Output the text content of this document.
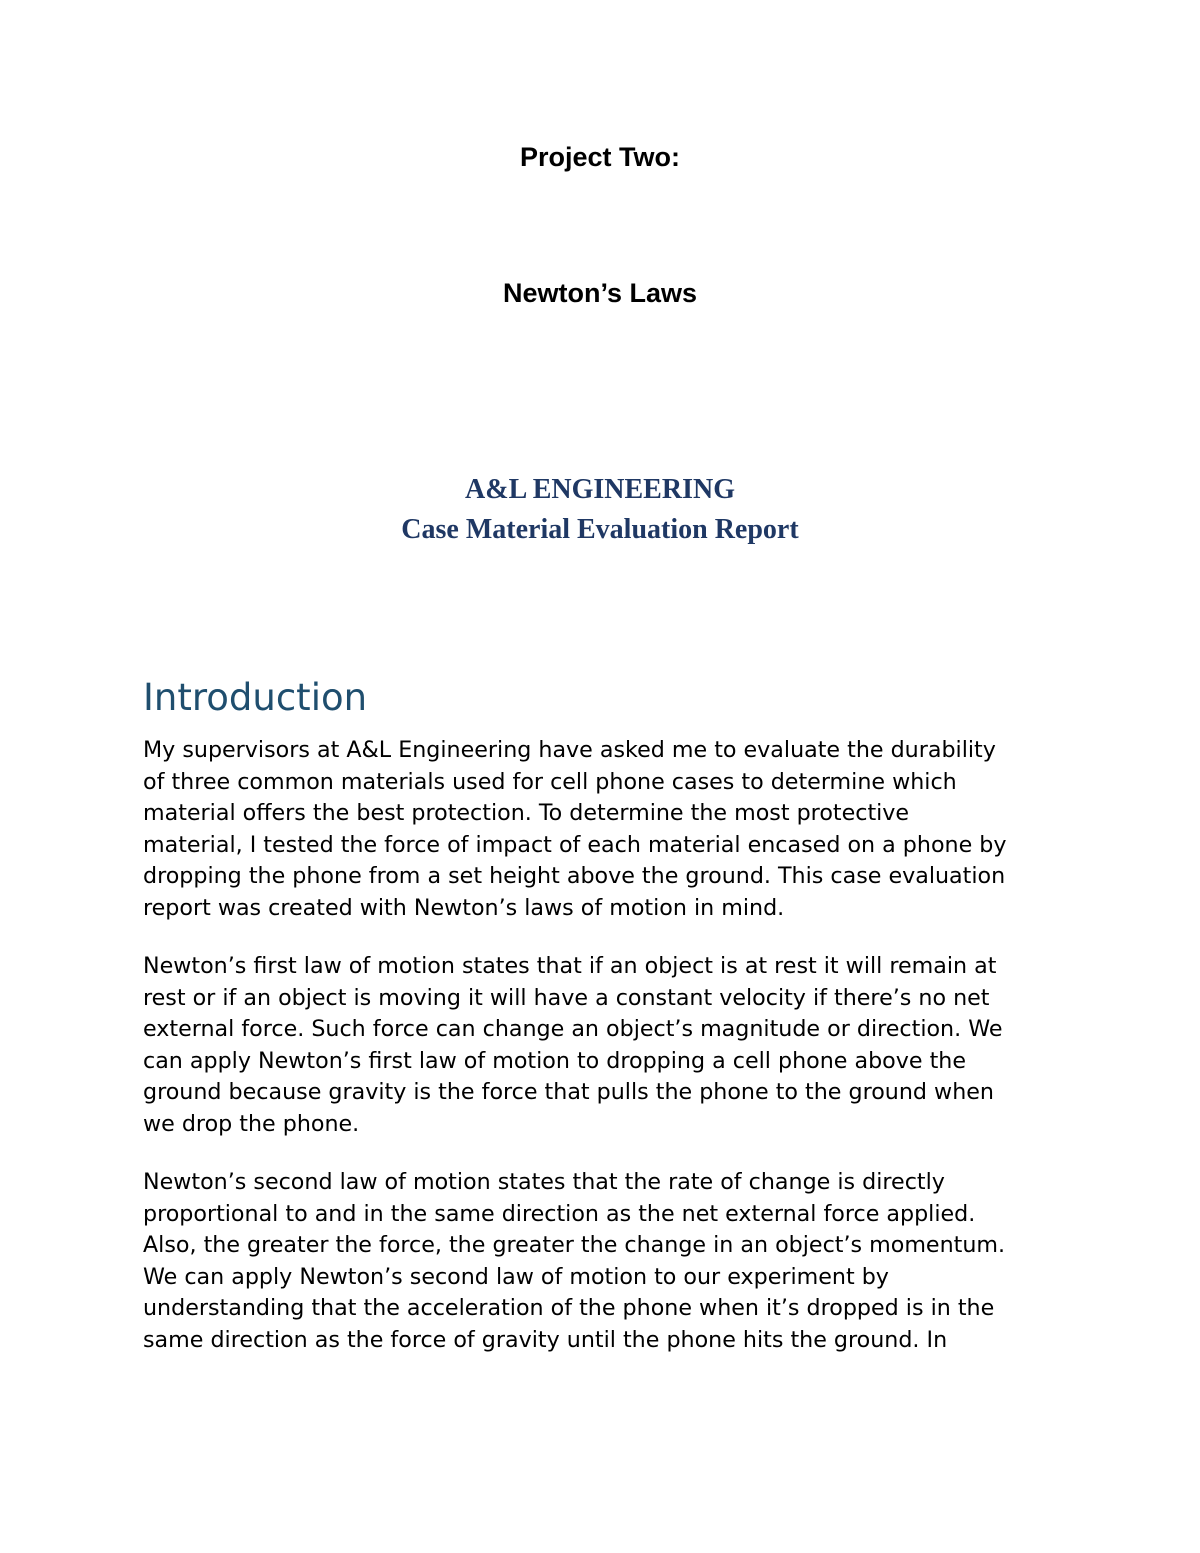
Project Two:
Newton’s Laws
A&L ENGINEERING
Case Material Evaluation Report
Introduction

My supervisors at A&L Engineering have asked me to evaluate the durability
of three common materials used for cell phone cases to determine which
material offers the best protection. To determine the most protective
material, I tested the force of impact of each material encased on a phone by
dropping the phone from a set height above the ground. This case evaluation
report was created with Newton’s laws of motion in mind.

Newton’s first law of motion states that if an object is at rest it will remain at
rest or if an object is moving it will have a constant velocity if there’s no net
external force. Such force can change an object’s magnitude or direction. We
can apply Newton’s first law of motion to dropping a cell phone above the
ground because gravity is the force that pulls the phone to the ground when
we drop the phone.

Newton’s second law of motion states that the rate of change is directly
proportional to and in the same direction as the net external force applied.
Also, the greater the force, the greater the change in an object’s momentum.
We can apply Newton’s second law of motion to our experiment by
understanding that the acceleration of the phone when it’s dropped is in the
same direction as the force of gravity until the phone hits the ground. In
